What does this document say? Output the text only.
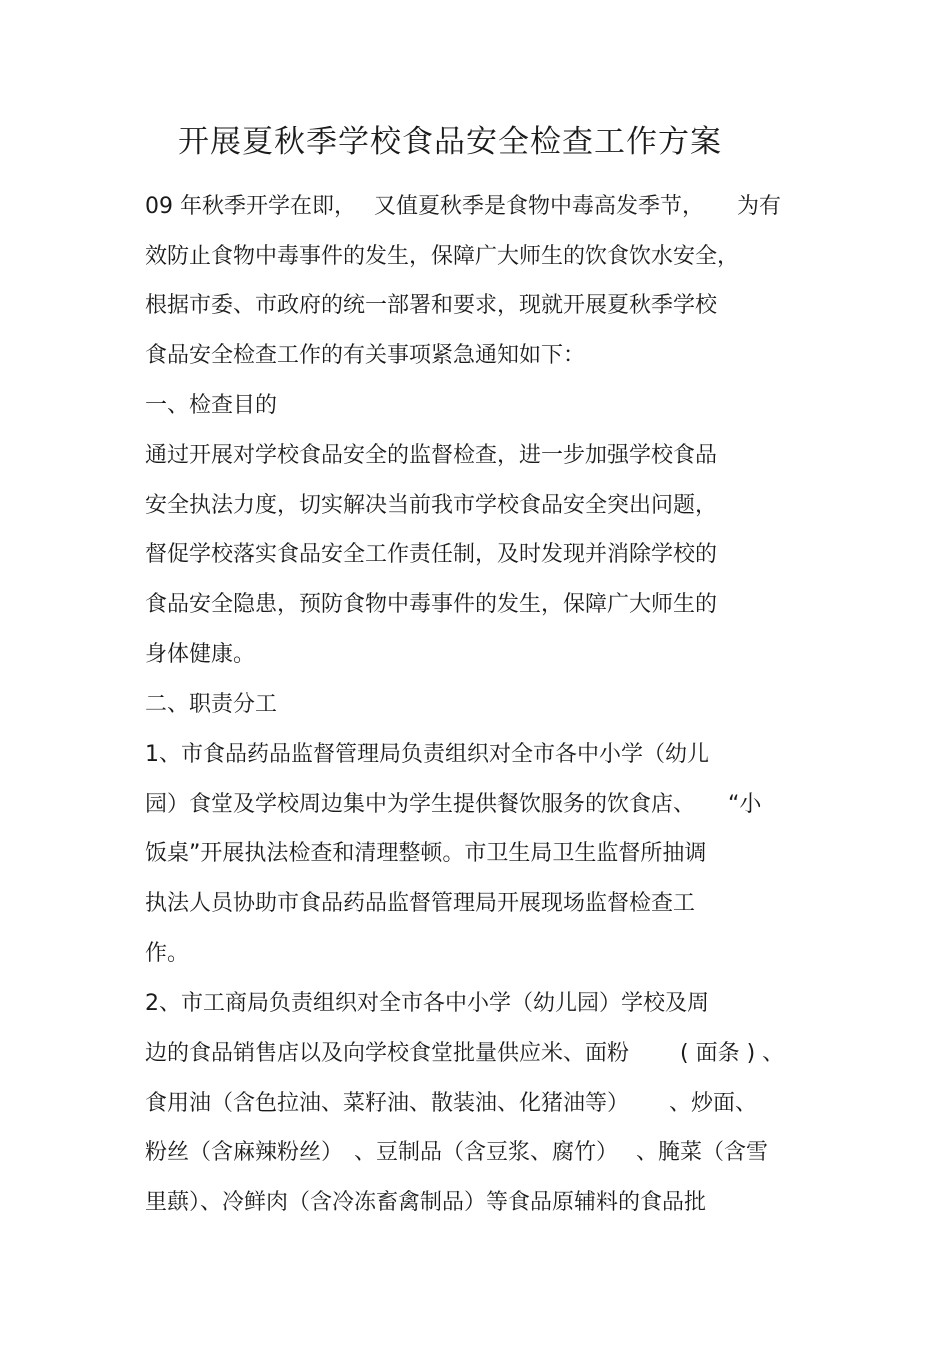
开展夏秋季学校食品安全检查工作方案
09 年秋季开学在即，　 又值夏秋季是食物中毒高发季节，　　为有
效防止食物中毒事件的发生，保障广大师生的饮食饮水安全，
根据市委、市政府的统一部署和要求，现就开展夏秋季学校
食品安全检查工作的有关事项紧急通知如下：
一、检查目的
通过开展对学校食品安全的监督检查，进一步加强学校食品
安全执法力度，切实解决当前我市学校食品安全突出问题，
督促学校落实食品安全工作责任制，及时发现并消除学校的
食品安全隐患，预防食物中毒事件的发生，保障广大师生的
身体健康。
二、职责分工
1、市食品药品监督管理局负责组织对全市各中小学（幼儿
园）食堂及学校周边集中为学生提供餐饮服务的饮食店、　　“小
饭桌”开展执法检查和清理整顿。市卫生局卫生监督所抽调
执法人员协助市食品药品监督管理局开展现场监督检查工
作。
2、市工商局负责组织对全市各中小学（幼儿园）学校及周
边的食品销售店以及向学校食堂批量供应米、面粉　　 ( 面条 ) 、
食用油（含色拉油、菜籽油、散装油、化猪油等）　　 、炒面、
粉丝（含麻辣粉丝）　、豆制品（含豆浆、腐竹）　 、腌菜（含雪
里蕻）、冷鲜肉（含冷冻畜禽制品）等食品原辅料的食品批
